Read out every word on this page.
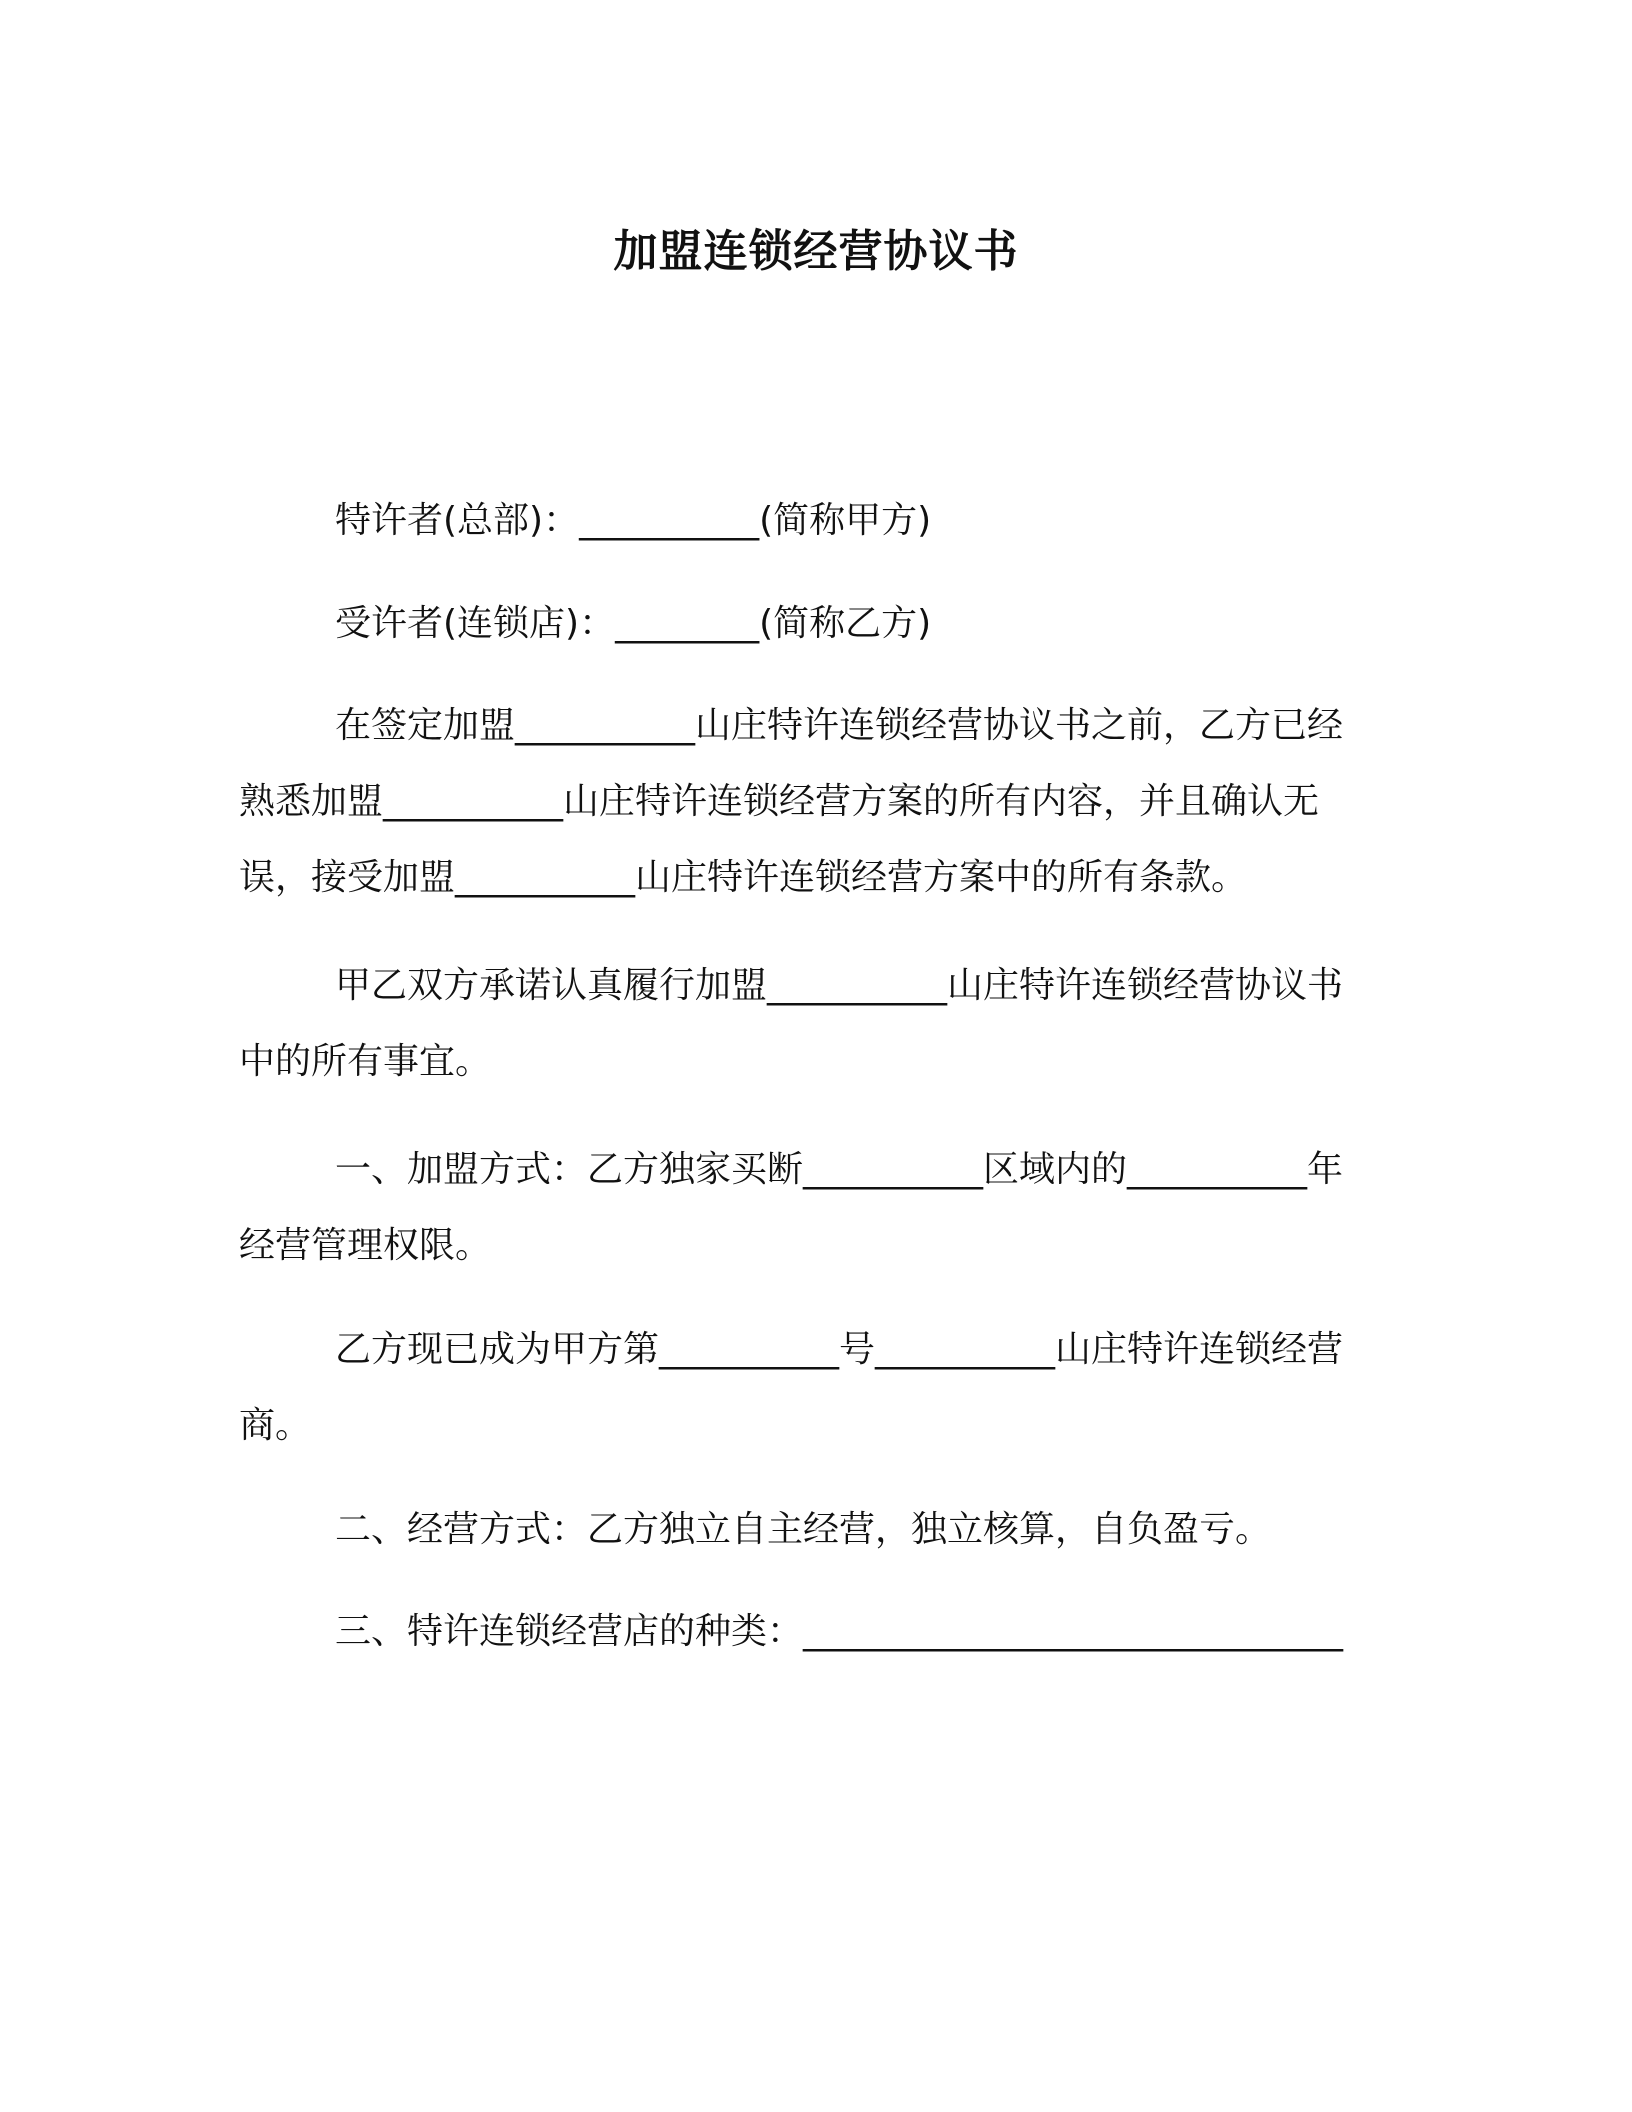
加盟连锁经营协议书

特许者(总部)：__________(简称甲方)

受许者(连锁店)：________(简称乙方)

在签定加盟__________山庄特许连锁经营协议书之前，乙方已经熟悉加盟__________山庄特许连锁经营方案的所有内容，并且确认无误，接受加盟__________山庄特许连锁经营方案中的所有条款。

甲乙双方承诺认真履行加盟__________山庄特许连锁经营协议书中的所有事宜。

一、加盟方式：乙方独家买断__________区域内的__________年经营管理权限。

乙方现已成为甲方第__________号__________山庄特许连锁经营商。

二、经营方式：乙方独立自主经营，独立核算，自负盈亏。

三、特许连锁经营店的种类：______________________________
